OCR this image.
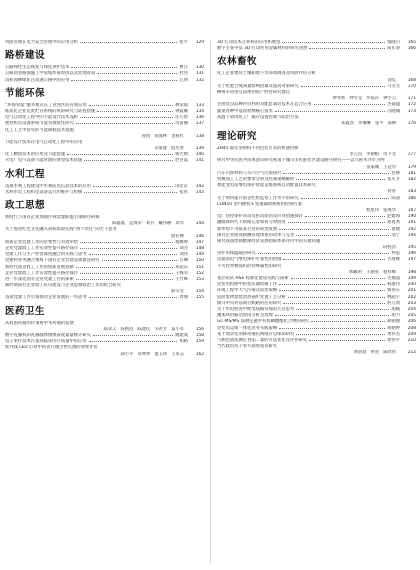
风险管理在电力安全管理中的应用分析	张平	129
路桥建设
公路绿化生态恢复与绿化养护技术	曹江	130
公路沥青路面施工中裂缝形成原因以及处理对策	杜亮	131
浅析园林绿化在高速公路中的应用	江明	132
节能环保
“环保管家”服务模式在工业园区的有效应用	林荣斌	133
炼焦化企业危废贮存系统的风险研究与防控措施	钟震耀	134
电气自动化工程中的节能设计技术浅析	任巧智	136
地铁机电设备系统节能管理优化研究	司富刚	137
化工工艺中常见的节能降耗技术措施
孙凯 蒋海林 金莉红	138
节能设计技术在电气自动化工程中的应用
吴豪建 殷光喜	139
化工精馏技术的应用及节能措施	杨光勋	140
火电厂电气设备节能管理的典型技术措施	赵宫晶	141
水利工程
浅谈水利工程建设中水利防汛信息技术的应用	田宏京	142
水利水电工程机电设备运行的维护与检修	张彤	143
政工思想
新时代下国有企业加强区域党建联盟引领路径研探
陈鑫鑫 孟海荣 刘兵 戴伟丽 余军	144
关于推进红色文化融入高校思政实践“两个责任”的若干思考
蔚长峰	146
创新企业党建工作的必要性与有效举措	蔡腾帅	147
企业党建政工工作实效性提升路径探讨	刘杰	148
党建工作与生产经营深度融合的实践与思考	刘伟	149
党建和业务融合视角下国有企业党建品牌建设研究	吕琳	150
新时代国企政工工作的创新发展思路	邓超东	151
企业党建政工工作实效性提升路径探讨	王梅君	152
进一步深化国有企业党建工作的探索	王竹峰	153
新时期国有企业政工队伍建设与企业思想政治工作的结合研究
郝雪莹	154
浅谈党建工作引领推动企业发展的一些思考	周俊	155
医药卫生
从我国药通的传承看中华药通的发展
陈荣义 陈艳清 陈建民 韦君芳 雷小军	156
数字乳腺机的乳腺腺体摄像表现量量统计研究	姚建成	158
电子束疗技术在提高临床医疗质量中的应用	柏路	159
紫外线 LED 灯对中药饮片微生物灭菌的效果评价
邱小平 邓尊界 童玉珍 王永志	162
3D 打印技术在骨科的应用和展望	鄢晓川	165
数字主客中基 3D 打印医用金属材料的研究进展	简长春	166
农林畜牧
化工企业地块土壤和地下水环境调查及风险评估分析
刘佳	168
关于化肥合成质量影响因素及提高对策研究	马文雪	170
柳州市蒂珍豆园规划资产经营研究建议
钟冬辉 钟雪莹 罗依莎 钟小云	171
甘蔗优良品种评价利用及配套栽培技术在总合应用	杰森盛	172
蔬菜育种中基因检测核心技术	冯晓翰	173
高温下禽肉化工厂储存设备控制与防治方法
朱鑫显 李琳琳 张平 部帅	176
理论研究
ZB45 溢实型锁机不同包装方式的快速切换
李云良 李朝根 司卜文	177
研究中华民族共同体意识研究视角下城市多民族社区建设路径研究——以乌鲁木齐市为例
伍家城 王冠华	179
汽车内饰材料与车内空气污染探究	包峰	181
机械加工工艺的要求分析及控制策略解析	张庆芳	182
智能变电站继电保护智能运维系统自动配置技术研究
曾普	183
关于如何提升国企纪检监察工作水平的研究	陈晨	186
CDN10 型内燃机车变速辅助系统的控制方案
程星伟 张燕华	187
电厂热控保护误动及拒动原因及应对措施探讨	赵建海	190
融媒体时代下新闻记者如何与时俱进	蔡再秀	191
新形势下书报发行业的转型发展	童晓	192
国有企业绩效薪酬管理体系的改革与完善	邹宁	194
探究我国唐朝燃煤经济发展指标体系评价中的关键问题
段程浩	195
窑炉的保温隔热研究	仲思	196
论提高电气继电保护可靠性的措施	古海峰	197
不可控单相弧机的特殊属性的研究
顾颖君 王朝亚 程样峰	198
基层站队 HSE 标准化建设实践与探索	关福超	199
论变电检修中的变压器检修工作	韩康伟	200
环境工程中大气污染及防治策略	杨喜东	201
危险废物焚烧余热锅炉处置工艺分析	林超宇	202
偶马中央对前期行贿路的应用研究	何万新	203
关于用电检查中配电线路管理的几点思考	胡颖	204
轴加风机振动原因分析及治理	胡力	205
GC-MS/MS 法测定蔬中有机磷酸酯化合物的研究	胡朝俊	206
论变电运维一体化业务实践策略	胡朝婷	208
基于场景化的移动通信网络应急保障研究	黄伟杰	209
气相色谱法测定食品二氯的方法优化及评价研究	黄伟平	210
当代政府从干事方面看成员研究
黄晨晨 单星 陈欣彤	212
